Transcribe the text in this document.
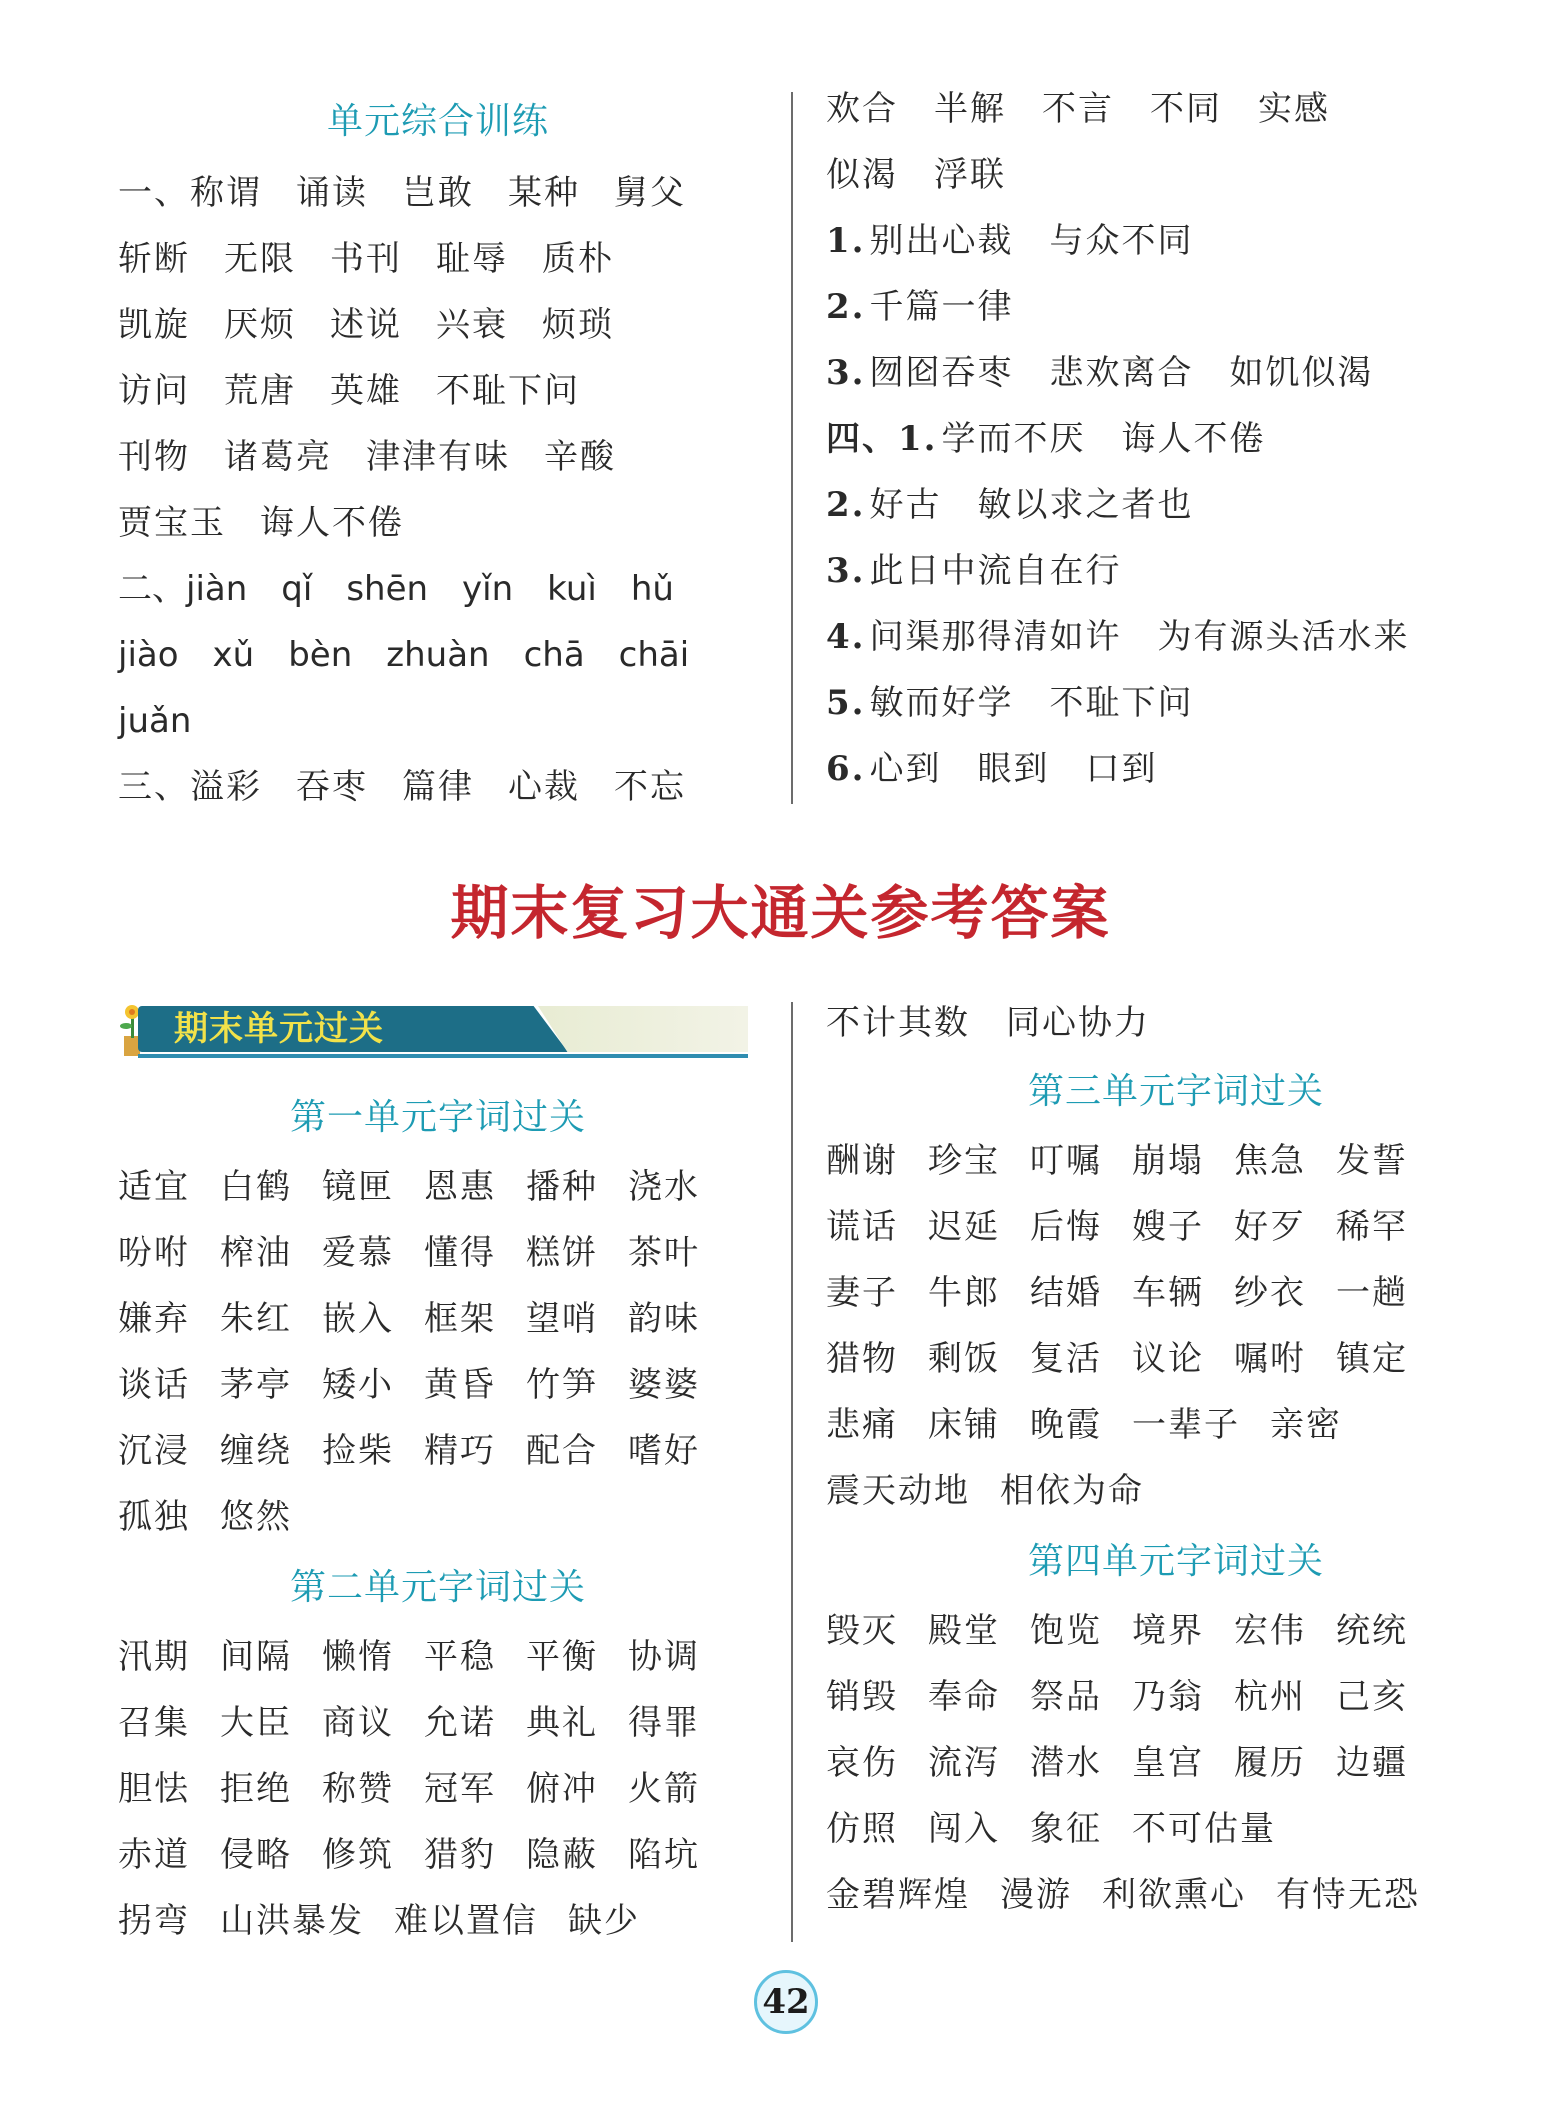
单元综合训练
一、称谓 诵读 岂敢 某种 舅父
斩断 无限 书刊 耻辱 质朴
凯旋 厌烦 述说 兴衰 烦琐
访问 荒唐 英雄 不耻下问
刊物 诸葛亮 津津有味 辛酸
贾宝玉 诲人不倦
二、jiàn qǐ shēn yǐn kuì hǔ
jiào xǔ bèn zhuàn chā chāi
juǎn
三、溢彩 吞枣 篇律 心裁 不忘
欢合 半解 不言 不同 实感
似渴 浮联
1. 别出心裁 与众不同
2. 千篇一律
3. 囫囵吞枣 悲欢离合 如饥似渴
四、1. 学而不厌 诲人不倦
2. 好古 敏以求之者也
3. 此日中流自在行
4. 问渠那得清如许 为有源头活水来
5. 敏而好学 不耻下问
6. 心到 眼到 口到
期末复习大通关参考答案
期末单元过关
第一单元字词过关
适宜 白鹤 镜匣 恩惠 播种 浇水
吩咐 榨油 爱慕 懂得 糕饼 茶叶
嫌弃 朱红 嵌入 框架 望哨 韵味
谈话 茅亭 矮小 黄昏 竹笋 婆婆
沉浸 缠绕 捡柴 精巧 配合 嗜好
孤独 悠然
第二单元字词过关
汛期 间隔 懒惰 平稳 平衡 协调
召集 大臣 商议 允诺 典礼 得罪
胆怯 拒绝 称赞 冠军 俯冲 火箭
赤道 侵略 修筑 猎豹 隐蔽 陷坑
拐弯 山洪暴发 难以置信 缺少
不计其数 同心协力
第三单元字词过关
酬谢 珍宝 叮嘱 崩塌 焦急 发誓
谎话 迟延 后悔 嫂子 好歹 稀罕
妻子 牛郎 结婚 车辆 纱衣 一趟
猎物 剩饭 复活 议论 嘱咐 镇定
悲痛 床铺 晚霞 一辈子 亲密
震天动地 相依为命
第四单元字词过关
毁灭 殿堂 饱览 境界 宏伟 统统
销毁 奉命 祭品 乃翁 杭州 己亥
哀伤 流泻 潜水 皇宫 履历 边疆
仿照 闯入 象征 不可估量
金碧辉煌 漫游 利欲熏心 有恃无恐
42
